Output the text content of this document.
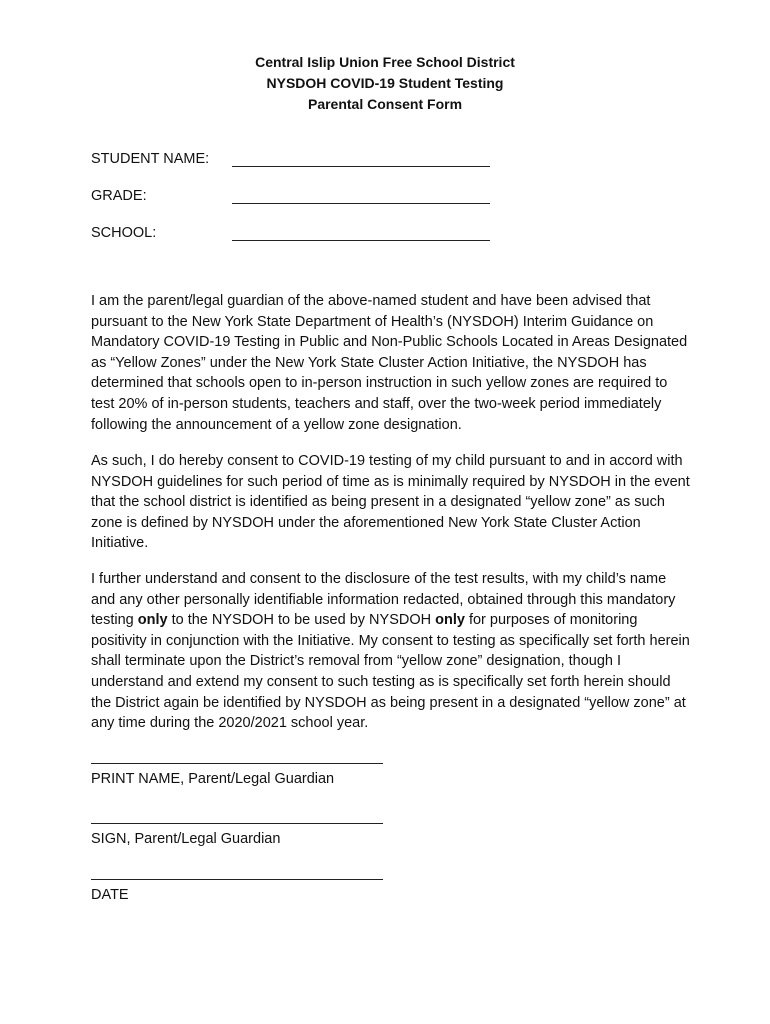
Central Islip Union Free School District
NYSDOH COVID-19 Student Testing
Parental Consent Form
STUDENT NAME:
GRADE:
SCHOOL:

I am the parent/legal guardian of the above-named student and have been advised that pursuant to the New York State Department of Health’s (NYSDOH) Interim Guidance on Mandatory COVID-19 Testing in Public and Non-Public Schools Located in Areas Designated as “Yellow Zones” under the New York State Cluster Action Initiative, the NYSDOH has determined that schools open to in-person instruction in such yellow zones are required to test 20% of in-person students, teachers and staff, over the two-week period immediately following the announcement of a yellow zone designation.

As such, I do hereby consent to COVID-19 testing of my child pursuant to and in accord with NYSDOH guidelines for such period of time as is minimally required by NYSDOH in the event that the school district is identified as being present in a designated “yellow zone” as such zone is defined by NYSDOH under the aforementioned New York State Cluster Action Initiative.

I further understand and consent to the disclosure of the test results, with my child’s name and any other personally identifiable information redacted, obtained through this mandatory testing only to the NYSDOH to be used by NYSDOH only for purposes of monitoring positivity in conjunction with the Initiative. My consent to testing as specifically set forth herein shall terminate upon the District’s removal from “yellow zone” designation, though I understand and extend my consent to such testing as is specifically set forth herein should the District again be identified by NYSDOH as being present in a designated “yellow zone” at any time during the 2020/2021 school year.

PRINT NAME, Parent/Legal Guardian
SIGN, Parent/Legal Guardian
DATE
